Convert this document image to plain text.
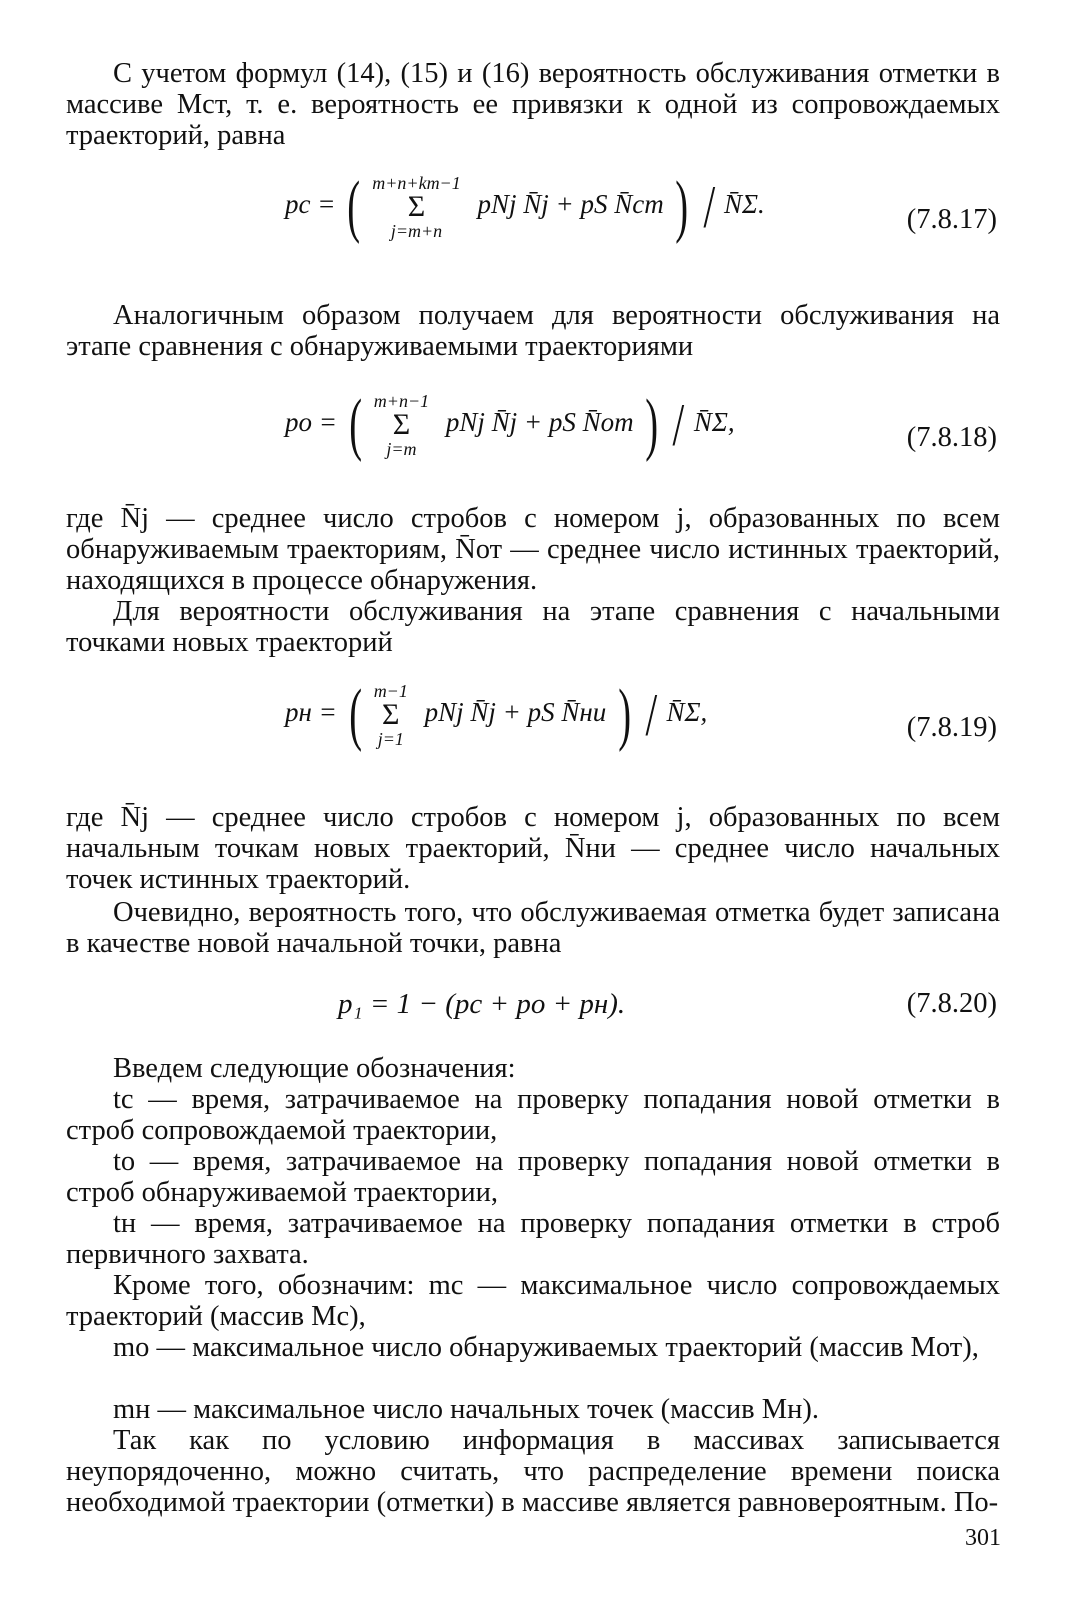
С учетом формул (14), (15) и (16) вероятность обслуживания отметки в массиве Mст, т. е. вероятность ее привязки к одной из сопровождаемых траекторий, равна
pс = ( m+n+kт−1
Σ
j=m+n pNj N̄j + pS N̄ст ) / N̄Σ.	(7.8.17)
Аналогичным образом получаем для вероятности обслуживания на этапе сравнения с обнаруживаемыми траекториями
pо = ( m+n−1
Σ
j=m pNj N̄j + pS N̄от ) / N̄Σ,	(7.8.18)
где N̄j — среднее число стробов с номером j, образованных по всем обнаруживаемым траекториям, N̄от — среднее число истинных траекторий, находящихся в процессе обнаружения.
Для вероятности обслуживания на этапе сравнения с начальными точками новых траекторий
pн = ( m−1
Σ
j=1 pNj N̄j + pS N̄ни ) / N̄Σ,	(7.8.19)
где N̄j — среднее число стробов с номером j, образованных по всем начальным точкам новых траекторий, N̄ни — среднее число начальных точек истинных траекторий.
Очевидно, вероятность того, что обслуживаемая отметка будет записана в качестве новой начальной точки, равна
p₁ = 1 − (pс + pо + pн).	(7.8.20)
Введем следующие обозначения:
tс — время, затрачиваемое на проверку попадания новой отметки в строб сопровождаемой траектории,
tо — время, затрачиваемое на проверку попадания новой отметки в строб обнаруживаемой траектории,
tн — время, затрачиваемое на проверку попадания отметки в строб первичного захвата.
Кроме того, обозначим: mс — максимальное число сопровождаемых траекторий (массив Mс),
mо — максимальное число обнаруживаемых траекторий (массив Mот),
mн — максимальное число начальных точек (массив Mн).
Так как по условию информация в массивах записывается неупорядоченно, можно считать, что распределение времени поиска необходимой траектории (отметки) в массиве является равновероятным. По-
301
